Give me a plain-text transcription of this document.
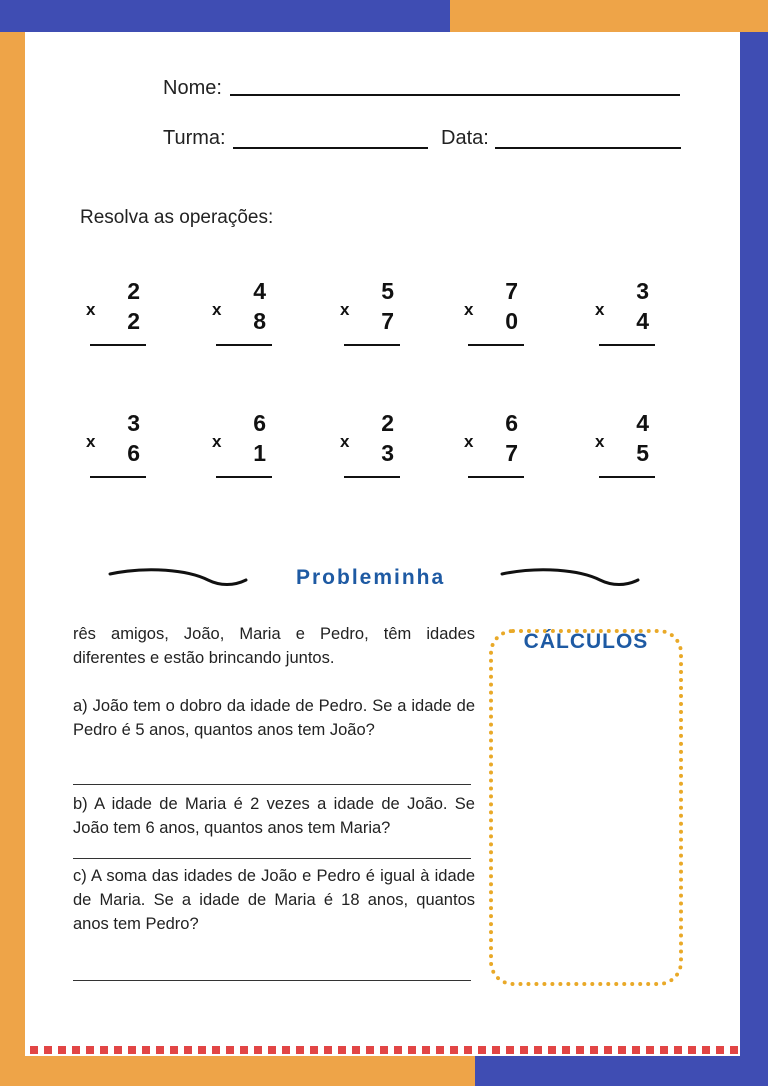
Nome:
Turma:	Data:
Resolva as operações:
2
x 2
4
x 8
5
x 7
7
x 0
3
x 4
3
x 6
6
x 1
2
x 3
6
x 7
4
x 5
Probleminha
rês amigos, João, Maria e Pedro, têm idades diferentes e estão brincando juntos.
a) João tem o dobro da idade de Pedro. Se a idade de Pedro é 5 anos, quantos anos tem João?
b) A idade de Maria é 2 vezes a idade de João. Se João tem 6 anos, quantos anos tem Maria?
c) A soma das idades de João e Pedro é igual à idade de Maria. Se a idade de Maria é 18 anos, quantos anos tem Pedro?
CÁLCULOS
